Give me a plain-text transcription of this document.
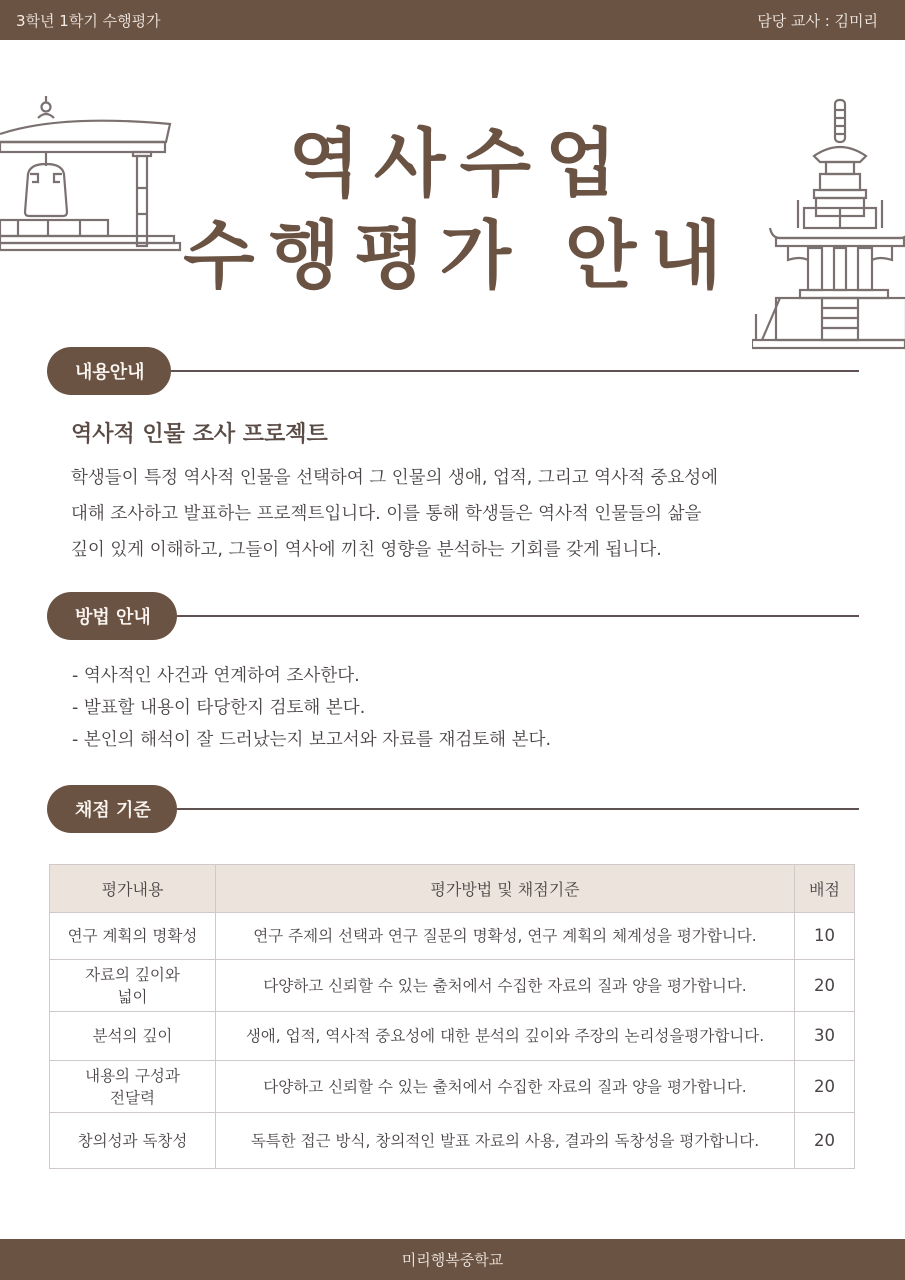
3학년 1학기 수행평가	담당 교사 : 김미리
역사수업
수행평가 안내
내용안내
역사적 인물 조사 프로젝트
학생들이 특정 역사적 인물을 선택하여 그 인물의 생애, 업적, 그리고 역사적 중요성에
대해 조사하고 발표하는 프로젝트입니다. 이를 통해 학생들은 역사적 인물들의 삶을
깊이 있게 이해하고, 그들이 역사에 끼친 영향을 분석하는 기회를 갖게 됩니다.
방법 안내
- 역사적인 사건과 연계하여 조사한다.
- 발표할 내용이 타당한지 검토해 본다.
- 본인의 해석이 잘 드러났는지 보고서와 자료를 재검토해 본다.
채점 기준
평가내용	평가방법 및 채점기준	배점
연구 계획의 명확성	연구 주제의 선택과 연구 질문의 명확성, 연구 계획의 체계성을 평가합니다.	10
자료의 깊이와 넓이	다양하고 신뢰할 수 있는 출처에서 수집한 자료의 질과 양을 평가합니다.	20
분석의 깊이	생애, 업적, 역사적 중요성에 대한 분석의 깊이와 주장의 논리성을평가합니다.	30
내용의 구성과 전달력	다양하고 신뢰할 수 있는 출처에서 수집한 자료의 질과 양을 평가합니다.	20
창의성과 독창성	독특한 접근 방식, 창의적인 발표 자료의 사용, 결과의 독창성을 평가합니다.	20
미리행복중학교
